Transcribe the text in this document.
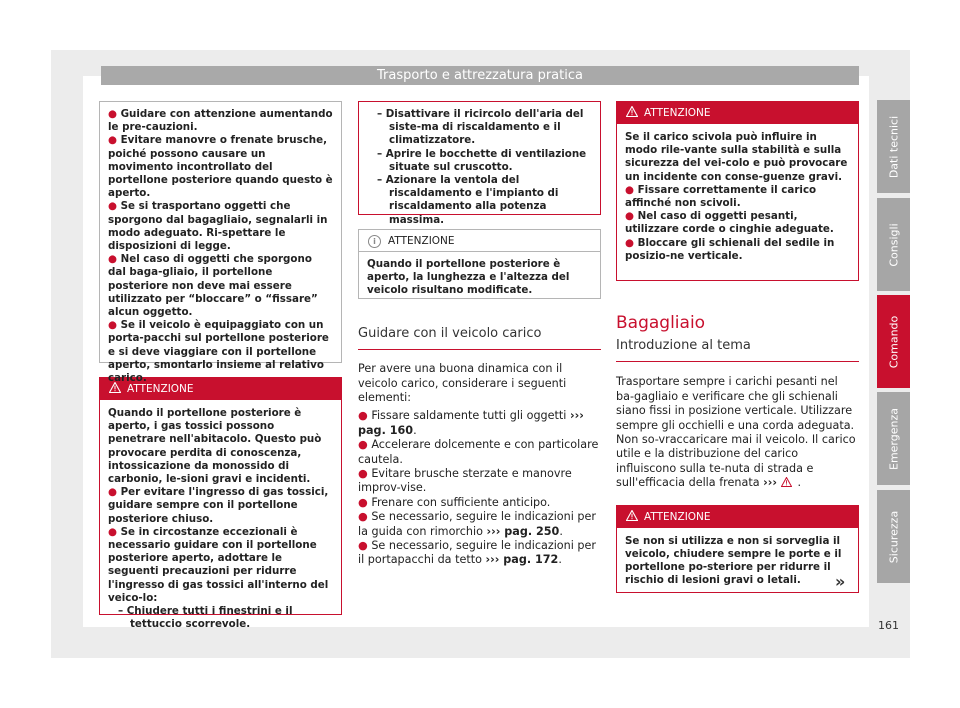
Trasporto e attrezzatura pratica

● Guidare con attenzione aumentando le pre-cauzioni.

● Evitare manovre o frenate brusche, poiché possono causare un movimento incontrollato del portellone posteriore quando questo è aperto.

● Se si trasportano oggetti che sporgono dal bagagliaio, segnalarli in modo adeguato. Ri-spettare le disposizioni di legge.

● Nel caso di oggetti che sporgono dal baga-gliaio, il portellone posteriore non deve mai essere utilizzato per “bloccare” o “fissare” alcun oggetto.

● Se il veicolo è equipaggiato con un porta-pacchi sul portellone posteriore e si deve viaggiare con il portellone aperto, smontarlo insieme al relativo

ATTENZIONE

Quando il portellone posteriore è aperto, i gas tossici possono penetrare nell'abitacolo. Questo può provocare perdita di conoscenza, intossicazione da monossido di carbonio, le-sioni gravi e incidenti.

● Per evitare l'ingresso di gas tossici, guidare sempre con il portellone posteriore chiuso.

● Se in circostanze eccezionali è necessario guidare con il portellone posteriore aperto, adottare le seguenti precauzioni per ridurre l'ingresso di gas tossici all'interno del veico-lo:

– Chiudere tutti i finestrini e il tettuccio scorrevole.

– Disattivare il ricircolo dell'aria del siste-ma di riscaldamento e il climatizzatore.

– Aprire le bocchette di ventilazione situate sul cruscotto.

– Azionare la ventola del riscaldamento e l'impianto di riscaldamento alla potenza massima.

i ATTENZIONE

Quando il portellone posteriore è aperto, la lunghezza e l'altezza del veicolo risultano modificate.

Guidare con il veicolo carico

Per avere una buona dinamica con il veicolo carico, considerare i seguenti elementi:

● Fissare saldamente tutti gli oggetti ››› pag. 160.

● Accelerare dolcemente e con particolare cautela.

● Evitare brusche sterzate e manovre improv-vise.

● Frenare con sufficiente anticipo.

● Se necessario, seguire le indicazioni per la guida con rimorchio ››› pag. 250.

● Se necessario, seguire le indicazioni per il portapacchi da tetto ››› pag. 172.

ATTENZIONE

Se il carico scivola può influire in modo rile-vante sulla stabilità e sulla sicurezza del vei-colo e può provocare un incidente con conse-guenze gravi.

● Fissare correttamente il carico affinché non scivoli.

● Nel caso di oggetti pesanti, utilizzare corde o cinghie adeguate.

● Bloccare gli schienali del sedile in posizio-ne verticale.

Bagagliaio
Introduzione al tema

Trasportare sempre i carichi pesanti nel ba-gagliaio e verificare che gli schienali siano fissi in posizione verticale. Utilizzare sempre gli occhielli e una corda adeguata. Non so-vraccaricare mai il veicolo. Il carico utile e la distribuzione del carico influiscono sulla te-nuta di strada e sull'efficacia della frenata ››› .

ATTENZIONE

Se non si utilizza e non si sorveglia il veicolo, chiudere sempre le porte e il portellone po-steriore per ridurre il rischio di lesioni gravi o letali.	»
Dati tecnici
Consigli
Comando
Emergenza
Sicurezza
161
